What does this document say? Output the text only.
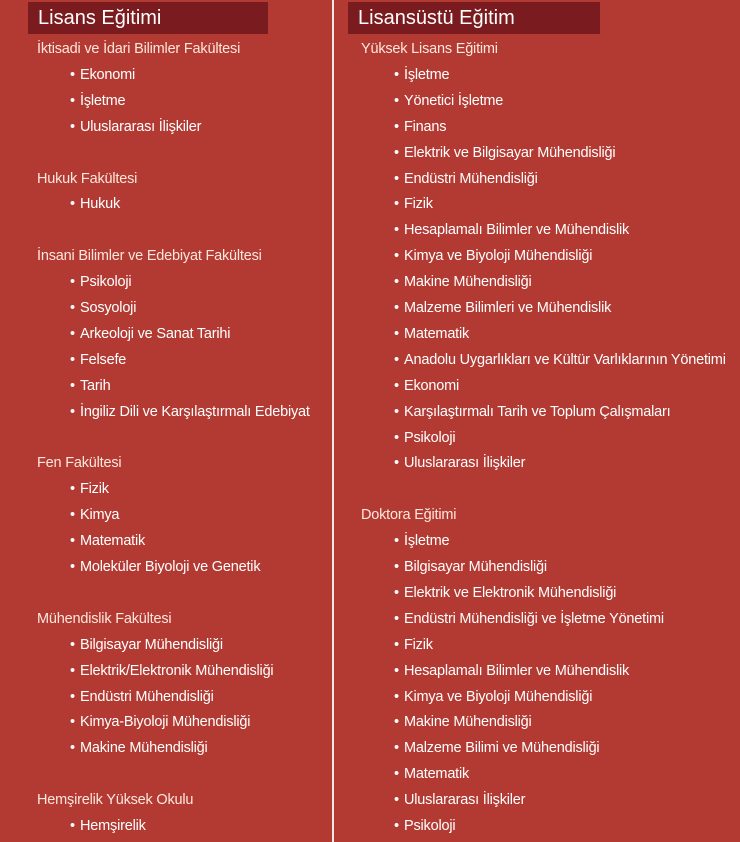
Lisans Eğitimi
İktisadi ve İdari Bilimler Fakültesi
• Ekonomi
• İşletme
• Uluslararası İlişkiler
Hukuk Fakültesi
• Hukuk
İnsani Bilimler ve Edebiyat Fakültesi
• Psikoloji
• Sosyoloji
• Arkeoloji ve Sanat Tarihi
• Felsefe
• Tarih
• İngiliz Dili ve Karşılaştırmalı Edebiyat
Fen Fakültesi
• Fizik
• Kimya
• Matematik
• Moleküler Biyoloji ve Genetik
Mühendislik Fakültesi
• Bilgisayar Mühendisliği
• Elektrik/Elektronik Mühendisliği
• Endüstri Mühendisliği
• Kimya-Biyoloji Mühendisliği
• Makine Mühendisliği
Hemşirelik Yüksek Okulu
• Hemşirelik
Lisansüstü Eğitim
Yüksek Lisans Eğitimi
• İşletme
• Yönetici İşletme
• Finans
• Elektrik ve Bilgisayar Mühendisliği
• Endüstri Mühendisliği
• Fizik
• Hesaplamalı Bilimler ve Mühendislik
• Kimya ve Biyoloji Mühendisliği
• Makine Mühendisliği
• Malzeme Bilimleri ve Mühendislik
• Matematik
• Anadolu Uygarlıkları ve Kültür Varlıklarının Yönetimi
• Ekonomi
• Karşılaştırmalı Tarih ve Toplum Çalışmaları
• Psikoloji
• Uluslararası İlişkiler
Doktora Eğitimi
• İşletme
• Bilgisayar Mühendisliği
• Elektrik ve Elektronik Mühendisliği
• Endüstri Mühendisliği ve İşletme Yönetimi
• Fizik
• Hesaplamalı Bilimler ve Mühendislik
• Kimya ve Biyoloji Mühendisliği
• Makine Mühendisliği
• Malzeme Bilimi ve Mühendisliği
• Matematik
• Uluslararası İlişkiler
• Psikoloji
